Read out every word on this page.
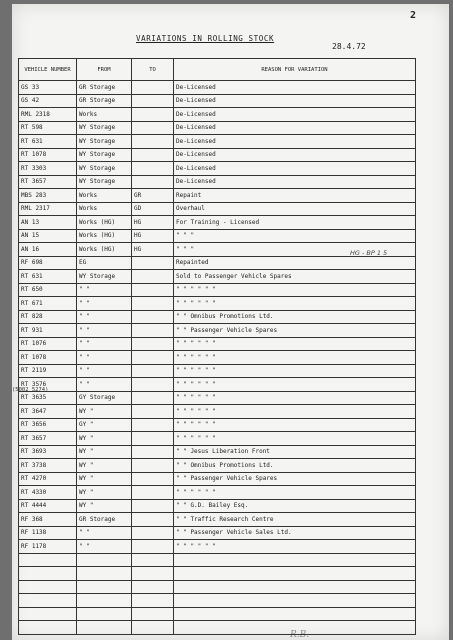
2
VARIATIONS IN ROLLING STOCK
28.4.72
(5002 5274)
HG - BP 1 5
R.B.
VEHICLE NUMBER	FROM	TO	REASON FOR VARIATION
GS 33	GR Storage		De-Licensed
GS 42	GR Storage		De-Licensed
RML 2318	Works		De-Licensed
RT 598	WY Storage		De-Licensed
RT 631	WY Storage		De-Licensed
RT 1078	WY Storage		De-Licensed
RT 3303	WY Storage		De-Licensed
RT 3657	WY Storage		De-Licensed
MBS 283	Works	GR	Repaint
RML 2317	Works	GD	Overhaul
AN 13	Works (HG)	HG	For Training - Licensed
AN 15	Works (HG)	HG	" " "
AN 16	Works (HG)	HG	" " "
RF 698	EG		Repainted
RT 631	WY Storage		Sold to Passenger Vehicle Spares
RT 650	" "		" " " " " "
RT 671	" "		" " " " " "
RT 828	" "		" " Omnibus Promotions Ltd.
RT 931	" "		" " Passenger Vehicle Spares
RT 1076	" "		" " " " " "
RT 1078	" "		" " " " " "
RT 2119	" "		" " " " " "
RT 3576	" "		" " " " " "
RT 3635	GY Storage		" " " " " "
RT 3647	WY "		" " " " " "
RT 3656	GY "		" " " " " "
RT 3657	WY "		" " " " " "
RT 3693	WY "		" " Jesus Liberation Front
RT 3738	WY "		" " Omnibus Promotions Ltd.
RT 4270	WY "		" " Passenger Vehicle Spares
RT 4330	WY "		" " " " " "
RT 4444	WY "		" " G.D. Bailey Esq.
RF 368	GR Storage		" " Traffic Research Centre
RF 1138	" "		" " Passenger Vehicle Sales Ltd.
RF 1178	" "		" " " " " "
